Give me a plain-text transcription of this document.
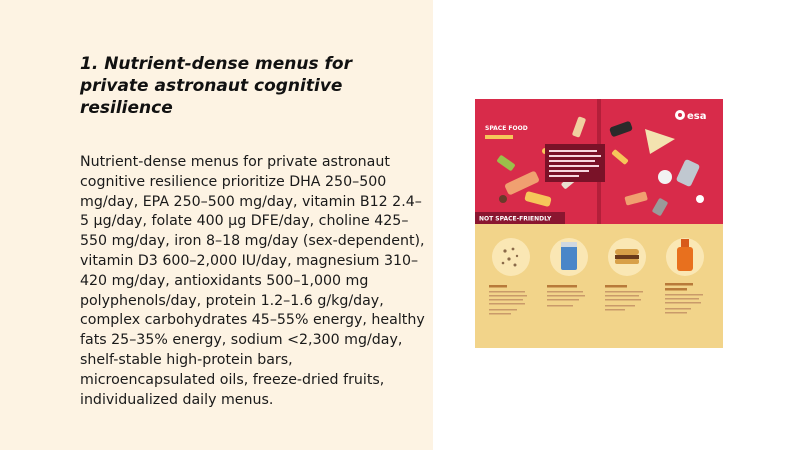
1. Nutrient-dense menus for private astronaut cognitive resilience

Nutrient-dense menus for private astronaut cognitive resilience prioritize DHA 250–500 mg/day, EPA 250–500 mg/day, vitamin B12 2.4–5 µg/day, folate 400 µg DFE/day, choline 425–550 mg/day, iron 8–18 mg/day (sex-dependent), vitamin D3 600–2,000 IU/day, magnesium 310–420 mg/day, antioxidants 500–1,000 mg polyphenols/day, protein 1.2–1.6 g/kg/day, complex carbohydrates 45–55% energy, healthy fats 25–35% energy, sodium <2,300 mg/day, shelf-stable high-protein bars, microencapsulated oils, freeze-dried fruits, individualized daily menus.

SPACE FOOD
esa
NOT SPACE-FRIENDLY
